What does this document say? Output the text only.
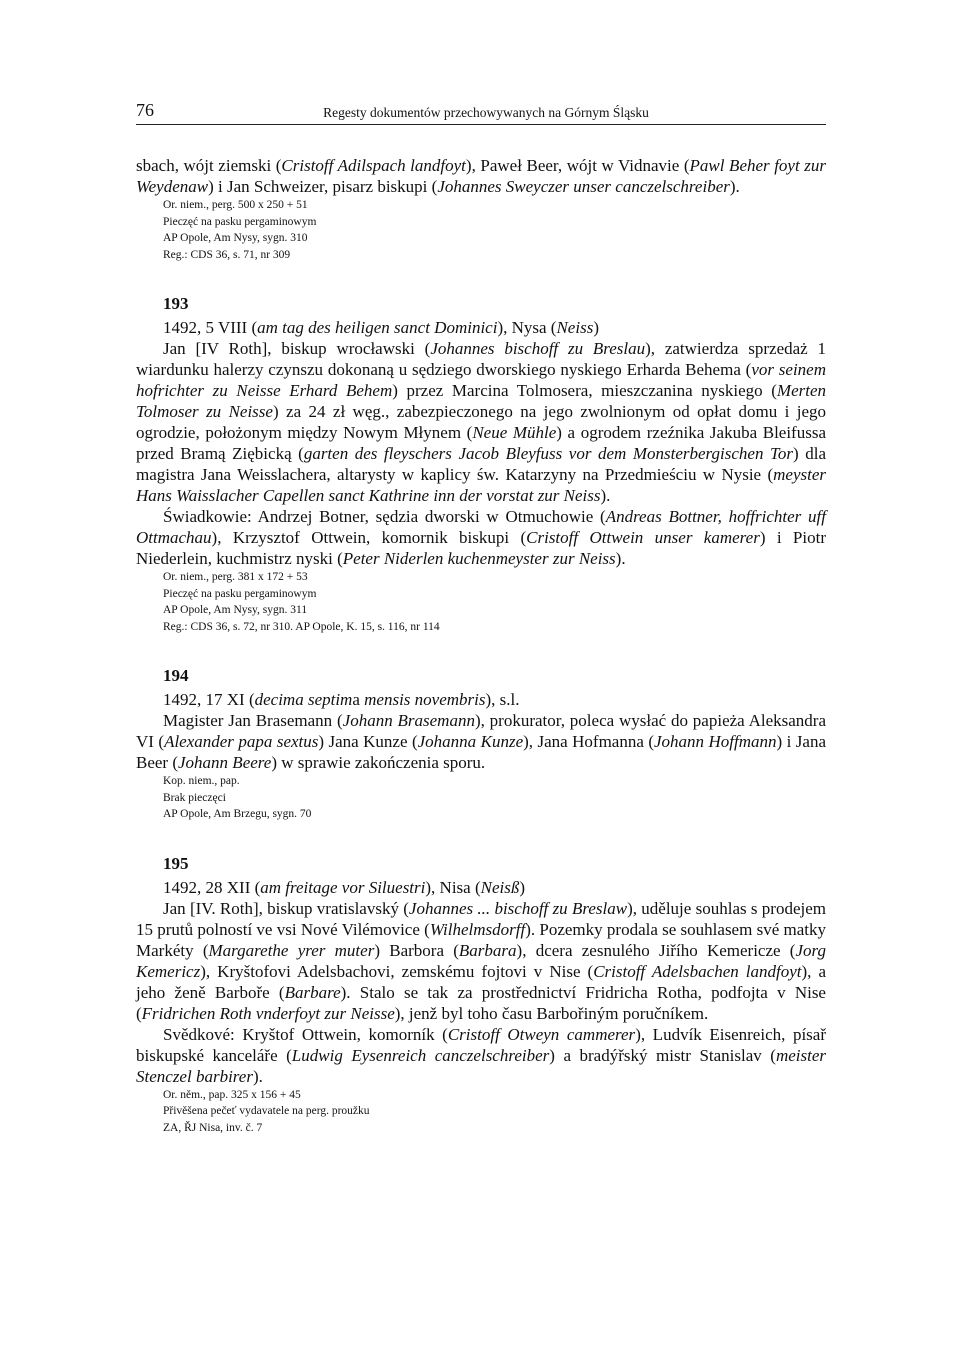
76	Regesty dokumentów przechowywanych na Górnym Śląsku

sbach, wójt ziemski (Cristoff Adilspach landfoyt), Paweł Beer, wójt w Vidnavie (Pawl Beher foyt zur Weydenaw) i Jan Schweizer, pisarz biskupi (Johannes Sweyczer unser canczelschreiber).

Or. niem., perg. 500 x 250 + 51
Pieczęć na pasku pergaminowym
AP Opole, Am Nysy, sygn. 310
Reg.: CDS 36, s. 71, nr 309
193
1492, 5 VIII (am tag des heiligen sanct Dominici), Nysa (Neiss)

Jan [IV Roth], biskup wrocławski (Johannes bischoff zu Breslau), zatwierdza sprzedaż 1 wiardunku halerzy czynszu dokonaną u sędziego dworskiego nyskiego Erharda Behema (vor seinem hofrichter zu Neisse Erhard Behem) przez Marcina Tolmosera, mieszczanina nyskiego (Merten Tolmoser zu Neisse) za 24 zł węg., zabezpieczonego na jego zwolnionym od opłat domu i jego ogrodzie, położonym między Nowym Młynem (Neue Mühle) a ogrodem rzeźnika Jakuba Bleifussa przed Bramą Ziębicką (garten des fleyschers Jacob Bleyfuss vor dem Monsterbergischen Tor) dla magistra Jana Weisslachera, altarysty w kaplicy św. Katarzyny na Przedmieściu w Nysie (meyster Hans Waisslacher Capellen sanct Kathrine inn der vorstat zur Neiss).

Świadkowie: Andrzej Botner, sędzia dworski w Otmuchowie (Andreas Bottner, hoffrichter uff Ottmachau), Krzysztof Ottwein, komornik biskupi (Cristoff Ottwein unser kamerer) i Piotr Niederlein, kuchmistrz nyski (Peter Niderlen kuchenmeyster zur Neiss).

Or. niem., perg. 381 x 172 + 53
Pieczęć na pasku pergaminowym
AP Opole, Am Nysy, sygn. 311
Reg.: CDS 36, s. 72, nr 310. AP Opole, K. 15, s. 116, nr 114
194
1492, 17 XI (decima septima mensis novembris), s.l.

Magister Jan Brasemann (Johann Brasemann), prokurator, poleca wysłać do papieża Aleksandra VI (Alexander papa sextus) Jana Kunze (Johanna Kunze), Jana Hofmanna (Johann Hoffmann) i Jana Beer (Johann Beere) w sprawie zakończenia sporu.

Kop. niem., pap.
Brak pieczęci
AP Opole, Am Brzegu, sygn. 70
195
1492, 28 XII (am freitage vor Siluestri), Nisa (Neisß)

Jan [IV. Roth], biskup vratislavský (Johannes ... bischoff zu Breslaw), uděluje souhlas s prodejem 15 prutů polností ve vsi Nové Vilémovice (Wilhelmsdorff). Pozemky prodala se souhlasem své matky Markéty (Margarethe yrer muter) Barbora (Barbara), dcera zesnulého Jiřího Kemericze (Jorg Kemericz), Kryštofovi Adelsbachovi, zemskému fojtovi v Nise (Cristoff Adelsbachen landfoyt), a jeho ženě Barboře (Barbare). Stalo se tak za prostřednictví Fridricha Rotha, podfojta v Nise (Fridrichen Roth vnderfoyt zur Neisse), jenž byl toho času Barbořiným poručníkem.

Svědkové: Kryštof Ottwein, komorník (Cristoff Otweyn cammerer), Ludvík Eisenreich, písař biskupské kanceláře (Ludwig Eysenreich canczelschreiber) a bradýřský mistr Stanislav (meister Stenczel barbirer).

Or. něm., pap. 325 x 156 + 45
Přivěšena pečeť vydavatele na perg. proužku
ZA, ŘJ Nisa, inv. č. 7
